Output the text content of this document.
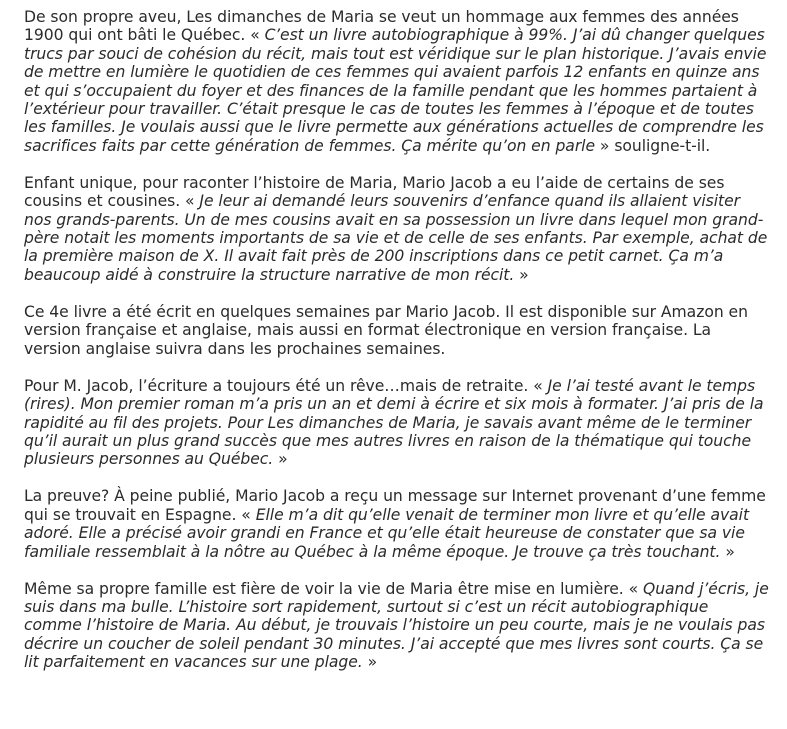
De son propre aveu, Les dimanches de Maria se veut un hommage aux femmes des années 1900 qui ont bâti le Québec. « C’est un livre autobiographique à 99%. J’ai dû changer quelques trucs par souci de cohésion du récit, mais tout est véridique sur le plan historique. J’avais envie de mettre en lumière le quotidien de ces femmes qui avaient parfois 12 enfants en quinze ans et qui s’occupaient du foyer et des finances de la famille pendant que les hommes partaient à l’extérieur pour travailler. C’était presque le cas de toutes les femmes à l’époque et de toutes les familles. Je voulais aussi que le livre permette aux générations actuelles de comprendre les sacrifices faits par cette génération de femmes. Ça mérite qu’on en parle » souligne-t-il.

Enfant unique, pour raconter l’histoire de Maria, Mario Jacob a eu l’aide de certains de ses cousins et cousines. « Je leur ai demandé leurs souvenirs d’enfance quand ils allaient visiter nos grands-parents. Un de mes cousins avait en sa possession un livre dans lequel mon grand-père notait les moments importants de sa vie et de celle de ses enfants. Par exemple, achat de la première maison de X. Il avait fait près de 200 inscriptions dans ce petit carnet. Ça m’a beaucoup aidé à construire la structure narrative de mon récit. »

Ce 4e livre a été écrit en quelques semaines par Mario Jacob. Il est disponible sur Amazon en version française et anglaise, mais aussi en format électronique en version française. La version anglaise suivra dans les prochaines semaines.

Pour M. Jacob, l’écriture a toujours été un rêve…mais de retraite. « Je l’ai testé avant le temps (rires). Mon premier roman m’a pris un an et demi à écrire et six mois à formater. J’ai pris de la rapidité au fil des projets. Pour Les dimanches de Maria, je savais avant même de le terminer qu’il aurait un plus grand succès que mes autres livres en raison de la thématique qui touche plusieurs personnes au Québec. »

La preuve? À peine publié, Mario Jacob a reçu un message sur Internet provenant d’une femme qui se trouvait en Espagne. « Elle m’a dit qu’elle venait de terminer mon livre et qu’elle avait adoré. Elle a précisé avoir grandi en France et qu’elle était heureuse de constater que sa vie familiale ressemblait à la nôtre au Québec à la même époque. Je trouve ça très touchant. »

Même sa propre famille est fière de voir la vie de Maria être mise en lumière. « Quand j’écris, je suis dans ma bulle. L’histoire sort rapidement, surtout si c’est un récit autobiographique comme l’histoire de Maria. Au début, je trouvais l’histoire un peu courte, mais je ne voulais pas décrire un coucher de soleil pendant 30 minutes. J’ai accepté que mes livres sont courts. Ça se lit parfaitement en vacances sur une plage. »
